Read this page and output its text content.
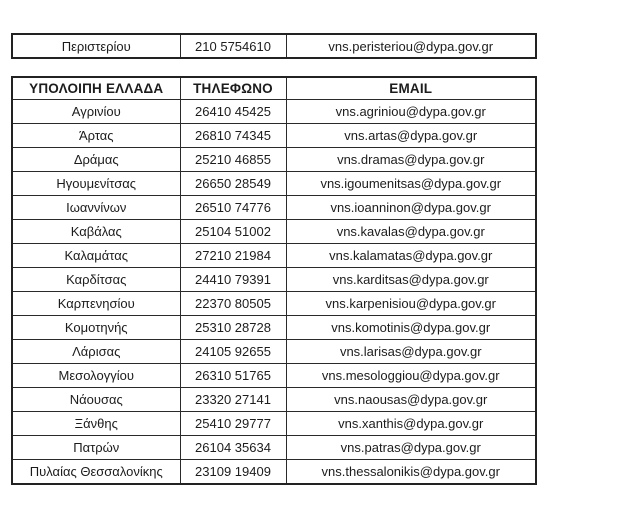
Περιστερίου	210 5754610	vns.peristeriou@dypa.gov.gr
ΥΠΟΛΟΙΠΗ ΕΛΛΑΔΑ	ΤΗΛΕΦΩΝΟ	EMAIL
Αγρινίου	26410 45425	vns.agriniou@dypa.gov.gr
Άρτας	26810 74345	vns.artas@dypa.gov.gr
Δράμας	25210 46855	vns.dramas@dypa.gov.gr
Ηγουμενίτσας	26650 28549	vns.igoumenitsas@dypa.gov.gr
Ιωαννίνων	26510 74776	vns.ioanninon@dypa.gov.gr
Καβάλας	25104 51002	vns.kavalas@dypa.gov.gr
Καλαμάτας	27210 21984	vns.kalamatas@dypa.gov.gr
Καρδίτσας	24410 79391	vns.karditsas@dypa.gov.gr
Καρπενησίου	22370 80505	vns.karpenisiou@dypa.gov.gr
Κομοτηνής	25310 28728	vns.komotinis@dypa.gov.gr
Λάρισας	24105 92655	vns.larisas@dypa.gov.gr
Μεσολογγίου	26310 51765	vns.mesologgiou@dypa.gov.gr
Νάουσας	23320 27141	vns.naousas@dypa.gov.gr
Ξάνθης	25410 29777	vns.xanthis@dypa.gov.gr
Πατρών	26104 35634	vns.patras@dypa.gov.gr
Πυλαίας Θεσσαλονίκης	23109 19409	vns.thessalonikis@dypa.gov.gr
